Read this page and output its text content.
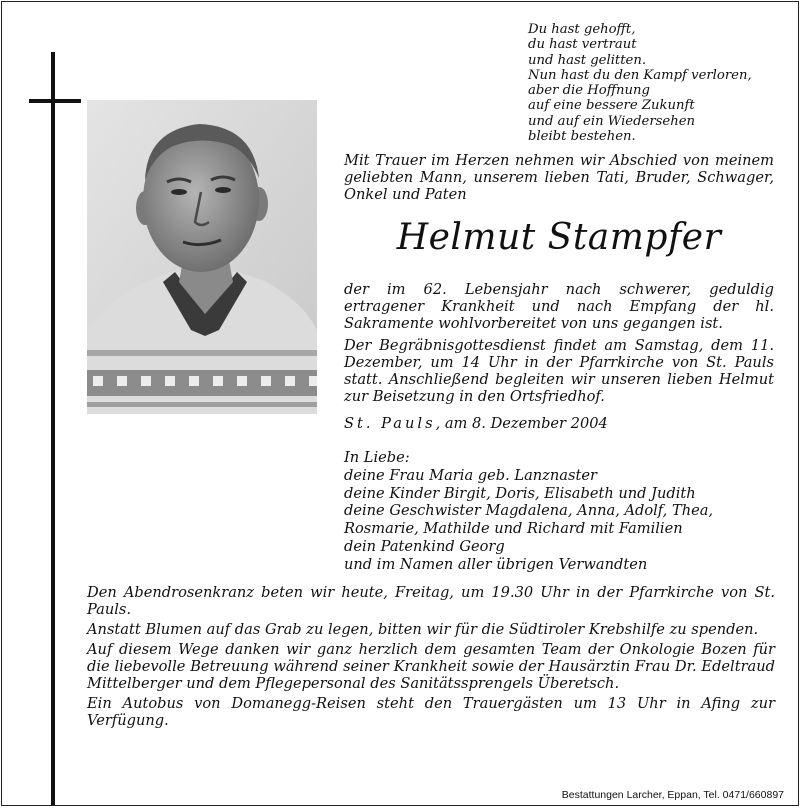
Du hast gehofft,
du hast vertraut
und hast gelitten.
Nun hast du den Kampf verloren,
aber die Hoffnung
auf eine bessere Zukunft
und auf ein Wiedersehen
bleibt bestehen.

Mit Trauer im Herzen nehmen wir Abschied von meinem geliebten Mann, unserem lieben Tati, Bruder, Schwager, Onkel und Paten

Helmut Stampfer

der im 62. Lebensjahr nach schwerer, geduldig ertragener Krankheit und nach Empfang der hl. Sakramente wohlvorbereitet von uns gegangen ist.

Der Begräbnisgottesdienst findet am Samstag, dem 11. Dezember, um 14 Uhr in der Pfarrkirche von St. Pauls statt. Anschließend begleiten wir unseren lieben Helmut zur Beisetzung in den Ortsfriedhof.

St. Pauls, am 8. Dezember 2004
In Liebe:
deine Frau Maria geb. Lanznaster
deine Kinder Birgit, Doris, Elisabeth und Judith
deine Geschwister Magdalena, Anna, Adolf, Thea,
Rosmarie, Mathilde und Richard mit Familien
dein Patenkind Georg
und im Namen aller übrigen Verwandten

Den Abendrosenkranz beten wir heute, Freitag, um 19.30 Uhr in der Pfarrkirche von St. Pauls.

Anstatt Blumen auf das Grab zu legen, bitten wir für die Südtiroler Krebshilfe zu spenden.

Auf diesem Wege danken wir ganz herzlich dem gesamten Team der Onkologie Bozen für die liebevolle Betreuung während seiner Krankheit sowie der Hausärztin Frau Dr. Edeltraud Mittelberger und dem Pflegepersonal des Sanitätssprengels Überetsch.

Ein Autobus von Domanegg-Reisen steht den Trauergästen um 13 Uhr in Afing zur Verfügung.

Bestattungen Larcher, Eppan, Tel. 0471/660897
